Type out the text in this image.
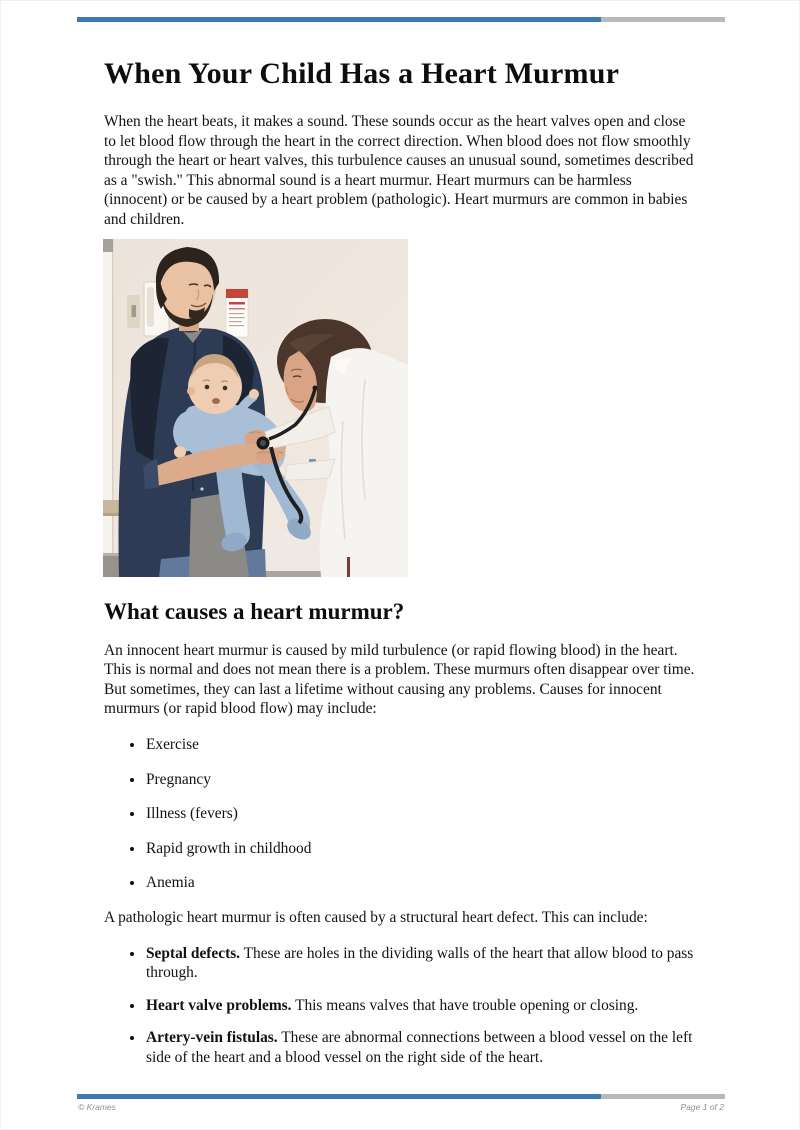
When Your Child Has a Heart Murmur

When the heart beats, it makes a sound. These sounds occur as the heart valves open and close to let blood flow through the heart in the correct direction. When blood does not flow smoothly through the heart or heart valves, this turbulence causes an unusual sound, sometimes described as a "swish." This abnormal sound is a heart murmur. Heart murmurs can be harmless (innocent) or be caused by a heart problem (pathologic). Heart murmurs are common in babies and children.

What causes a heart murmur?

An innocent heart murmur is caused by mild turbulence (or rapid flowing blood) in the heart. This is normal and does not mean there is a problem. These murmurs often disappear over time. But sometimes, they can last a lifetime without causing any problems. Causes for innocent murmurs (or rapid blood flow) may include:

• Exercise
• Pregnancy
• Illness (fevers)
• Rapid growth in childhood
• Anemia

A pathologic heart murmur is often caused by a structural heart defect. This can include:

• Septal defects. These are holes in the dividing walls of the heart that allow blood to pass through.
• Heart valve problems. This means valves that have trouble opening or closing.
• Artery-vein fistulas. These are abnormal connections between a blood vessel on the left side of the heart and a blood vessel on the right side of the heart.
© Krames	Page 1 of 2
